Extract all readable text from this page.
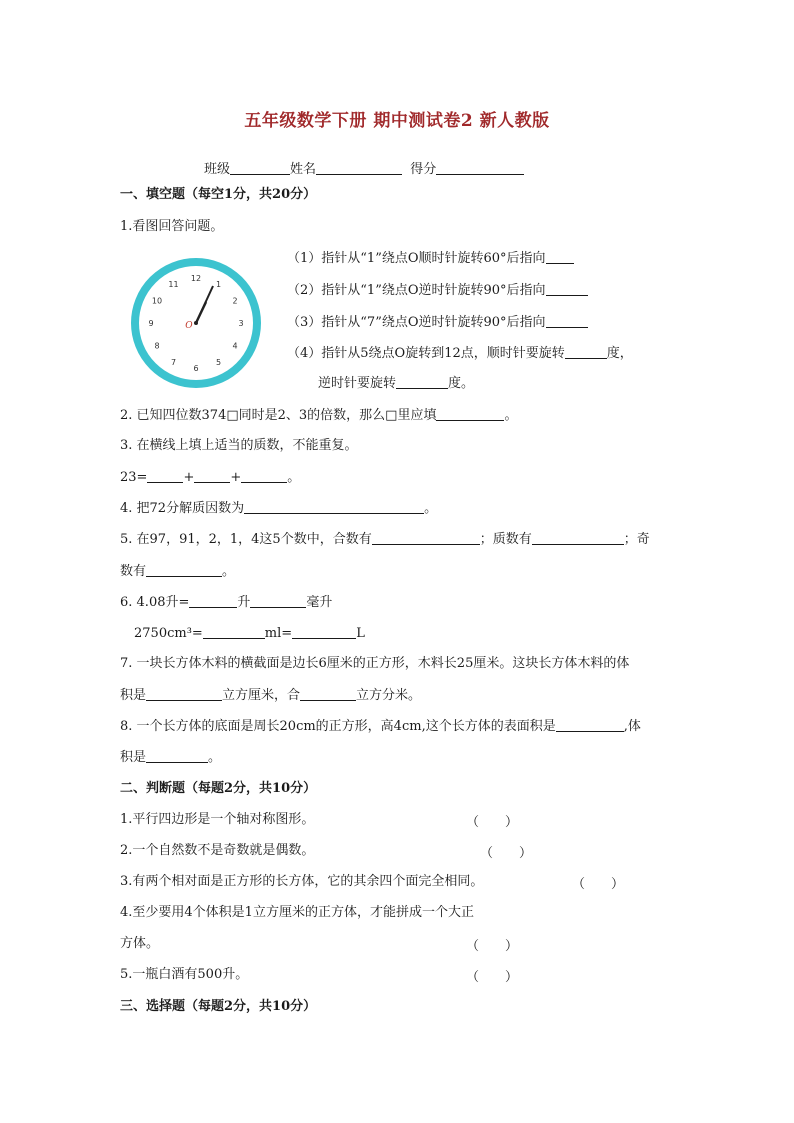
五年级数学下册 期中测试卷2 新人教版
班级	姓名	得分
一、填空题（每空1分，共20分）
1.看图回答问题。
12
1
2
3
4
5
6
7
8
9
10
11
O
（1）指针从“1”绕点O顺时针旋转60°后指向
（2）指针从“1”绕点O逆时针旋转90°后指向
（3）指针从“7”绕点O逆时针旋转90°后指向
（4）指针从5绕点O旋转到12点，顺时针要旋转	度，
逆时针要旋转	度。
2. 已知四位数374□同时是2、3的倍数，那么□里应填	。
3. 在横线上填上适当的质数，不能重复。
23=	+	+	。
4. 把72分解质因数为	。
5. 在97，91，2，1，4这5个数中，合数有	；质数有	；奇
数有	。
6. 4.08升=	升	毫升
2750cm³=	ml=	L
7. 一块长方体木料的横截面是边长6厘米的正方形，木料长25厘米。这块长方体木料的体
积是	立方厘米，合	立方分米。
8. 一个长方体的底面是周长20cm的正方形，高4cm,这个长方体的表面积是	,体
积是	。
二、判断题（每题2分，共10分）
1.平行四边形是一个轴对称图形。	（　　）
2.一个自然数不是奇数就是偶数。	（　　）
3.有两个相对面是正方形的长方体，它的其余四个面完全相同。	（　　）
4.至少要用4个体积是1立方厘米的正方体，才能拼成一个大正
方体。	（　　）
5.一瓶白酒有500升。	（　　）
三、选择题（每题2分，共10分）
